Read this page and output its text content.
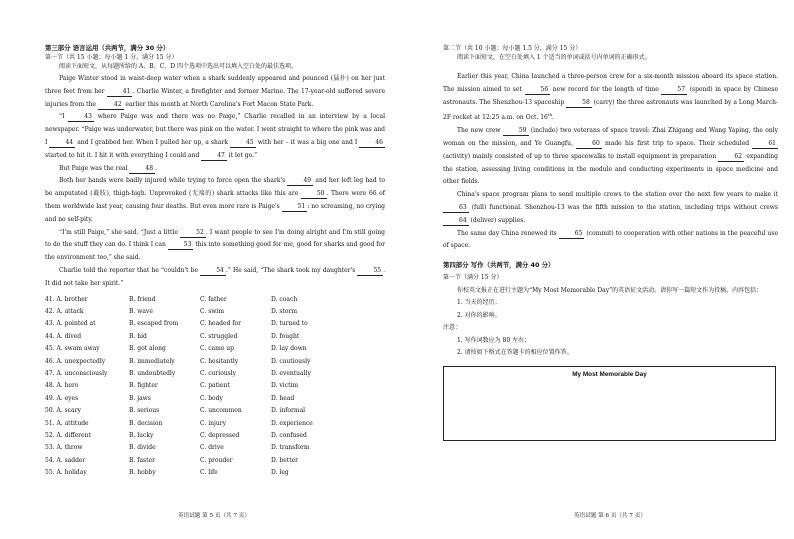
第三部分 语言运用（共两节，满分 30 分）
第一节（共 15 小题；每小题 1 分，满分 15 分）
阅读下面短文，从每题所给的 A、B、C、D 四个选项中选出可以填入空白处的最佳选项。

Paige Winter stood in waist-deep water when a shark suddenly appeared and pounced (猛扑) on her just three feet from her	41 . Charlie Winter, a firefighter and former Marine. The 17-year-old suffered severe injuries from the	42 earlier this month at North Carolina's Fort Macon State Park.

“I	43 where Paige was and there was no Paige,” Charlie recalled in an interview by a local newspaper. “Paige was underwater, but there was pink on the water. I went straight to where the pink was and I	44 and I grabbed her. When I pulled her up, a shark	45 with her – it was a big one and I	46 started to hit it. I hit it with everything I could and	47 it let go.”

But Paige was the real	48 .

Both her hands were badly injured while trying to force open the shark's	49 and her left leg had to be amputated (截肢), thigh-high. Unprovoked (无端的) shark attacks like this are	50 . There were 66 of them worldwide last year, causing four deaths. But even more rare is Paige's	51 : no screaming, no crying and no self-pity.

“I'm still Paige,” she said. “Just a little	52 . I want people to see I'm doing alright and I'm still going to do the stuff they can do. I think I can	53 this into something good for me, good for sharks and good for the environment too,” she said.

Charlie told the reporter that he “couldn't be	54 .” He said, “The shark took my daughter's	55 . It did not take her spirit.”

41. A. brother	B. friend	C. father	D. coach
42. A. attack	B. wave	C. swim	D. storm
43. A. pointed at	B. escaped from	C. headed for	D. turned to
44. A. dived	B. hid	C. struggled	D. fought
45. A. swam away	B. got along	C. came up	D. lay down
46. A. unexpectedly	B. immediately	C. hesitantly	D. cautiously
47. A. unconsciously	B. undoubtedly	C. curiously	D. eventually
48. A. hero	B. fighter	C. patient	D. victim
49. A. eyes	B. jaws	C. body	D. head
50. A. scary	B. serious	C. uncommon	D. informal
51. A. attitude	B. decision	C. injury	D. experience
52. A. different	B. lucky	C. depressed	D. confused
53. A. throw	B. divide	C. drive	D. transform
54. A. sadder	B. faster	C. prouder	D. better
55. A. holiday	B. hobby	C. life	D. leg
英语试题 第 5 页（共 7 页）
第二节（共 10 小题；每小题 1.5 分，满分 15 分）
阅读下面短文，在空白处填入 1 个适当的单词或括号内单词的正确形式。

Earlier this year, China launched a three-person crew for a six-month mission aboard its space station. The mission aimed to set	56 new record for the length of time	57 (spend) in space by Chinese astronauts. The Shenzhou-13 spaceship	58 (carry) the three astronauts was launched by a Long March-2F rocket at 12:25 a.m. on Oct. 16th.

The new crew	59 (include) two veterans of space travel: Zhai Zhigang and Wang Yaping, the only woman on the mission, and Ye Guangfu,	60 made his first trip to space. Their scheduled	61 (activity) mainly consisted of up to three spacewalks to install equipment in preparation	62 expanding the station, assessing living conditions in the module and conducting experiments in space medicine and other fields.

China's space program plans to send multiple crews to the station over the next few years to make it 63 (full) functional. Shenzhou-13 was the fifth mission to the station, including trips without crews 64 (deliver) supplies.

The same day China renewed its	65 (commit) to cooperation with other nations in the peaceful use of space.

第四部分 写作（共两节，满分 40 分）

第一节（满分 15 分）

你校英文报正在进行主题为“My Most Memorable Day”的英语征文活动。请你写一篇短文作为投稿，内容包括：

1. 当天的经历；

2. 对你的影响。

注意：

1. 写作词数应为 80 左右；

2. 请按如下格式在答题卡的相应位置作答。

My Most Memorable Day
英语试题 第 6 页（共 7 页）
